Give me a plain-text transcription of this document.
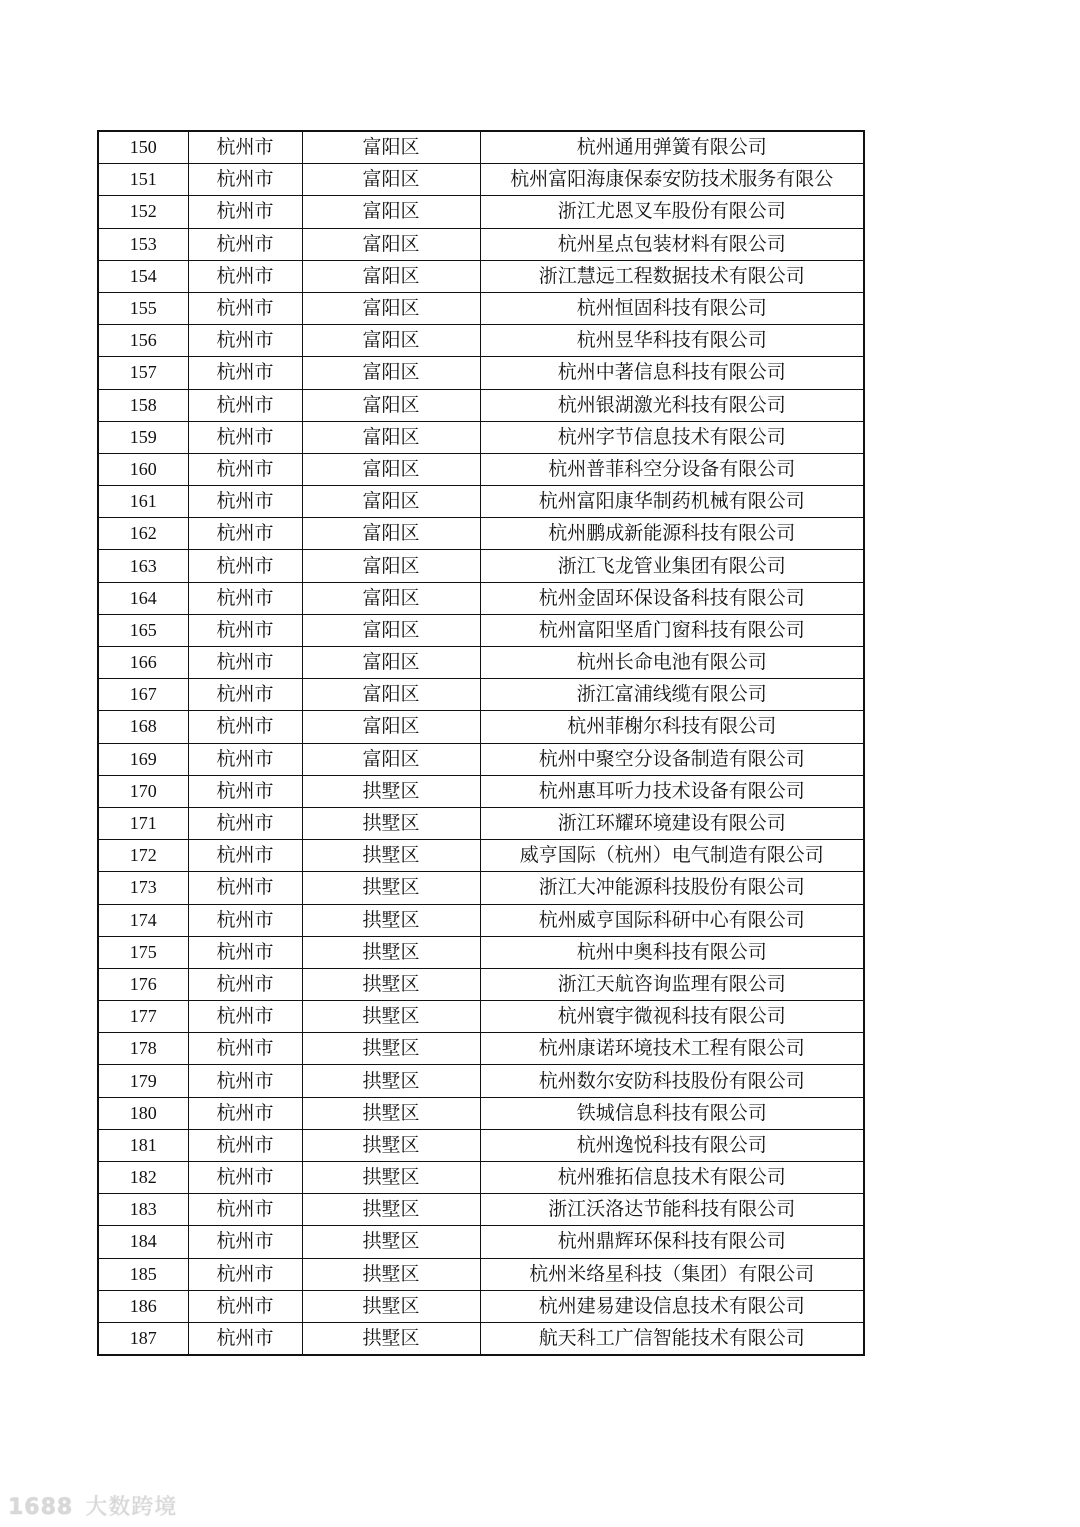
150	杭州市	富阳区	杭州通用弹簧有限公司
151	杭州市	富阳区	杭州富阳海康保泰安防技术服务有限公
152	杭州市	富阳区	浙江尤恩叉车股份有限公司
153	杭州市	富阳区	杭州星点包装材料有限公司
154	杭州市	富阳区	浙江慧远工程数据技术有限公司
155	杭州市	富阳区	杭州恒固科技有限公司
156	杭州市	富阳区	杭州昱华科技有限公司
157	杭州市	富阳区	杭州中著信息科技有限公司
158	杭州市	富阳区	杭州银湖激光科技有限公司
159	杭州市	富阳区	杭州字节信息技术有限公司
160	杭州市	富阳区	杭州普菲科空分设备有限公司
161	杭州市	富阳区	杭州富阳康华制药机械有限公司
162	杭州市	富阳区	杭州鹏成新能源科技有限公司
163	杭州市	富阳区	浙江飞龙管业集团有限公司
164	杭州市	富阳区	杭州金固环保设备科技有限公司
165	杭州市	富阳区	杭州富阳坚盾门窗科技有限公司
166	杭州市	富阳区	杭州长命电池有限公司
167	杭州市	富阳区	浙江富浦线缆有限公司
168	杭州市	富阳区	杭州菲榭尔科技有限公司
169	杭州市	富阳区	杭州中聚空分设备制造有限公司
170	杭州市	拱墅区	杭州惠耳听力技术设备有限公司
171	杭州市	拱墅区	浙江环耀环境建设有限公司
172	杭州市	拱墅区	威亨国际（杭州）电气制造有限公司
173	杭州市	拱墅区	浙江大冲能源科技股份有限公司
174	杭州市	拱墅区	杭州威亨国际科研中心有限公司
175	杭州市	拱墅区	杭州中奥科技有限公司
176	杭州市	拱墅区	浙江天航咨询监理有限公司
177	杭州市	拱墅区	杭州寰宇微视科技有限公司
178	杭州市	拱墅区	杭州康诺环境技术工程有限公司
179	杭州市	拱墅区	杭州数尔安防科技股份有限公司
180	杭州市	拱墅区	铁城信息科技有限公司
181	杭州市	拱墅区	杭州逸悦科技有限公司
182	杭州市	拱墅区	杭州雅拓信息技术有限公司
183	杭州市	拱墅区	浙江沃洛达节能科技有限公司
184	杭州市	拱墅区	杭州鼎辉环保科技有限公司
185	杭州市	拱墅区	杭州米络星科技（集团）有限公司
186	杭州市	拱墅区	杭州建易建设信息技术有限公司
187	杭州市	拱墅区	航天科工广信智能技术有限公司
1688 大数跨境
